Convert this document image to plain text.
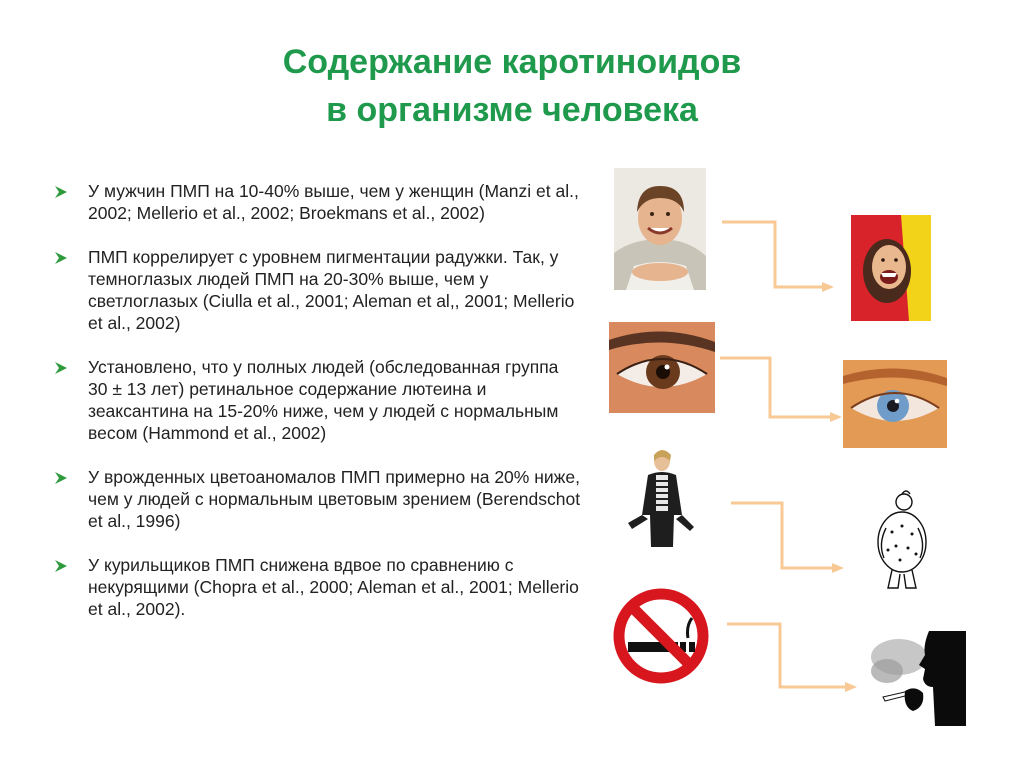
Содержание каротиноидов
в организме человека
У мужчин ПМП на 10-40% выше, чем у женщин (Manzi et al., 2002; Mellerio et al., 2002; Broekmans et al., 2002)
ПМП коррелирует с уровнем пигментации радужки. Так, у темноглазых людей ПМП на 20-30% выше, чем у светлоглазых (Ciulla et al., 2001; Aleman et al,, 2001; Mellerio et al., 2002)
Установлено, что у полных людей (обследованная группа 30 ± 13 лет) ретинальное содержание лютеина и зеаксантина на 15-20% ниже, чем у людей с нормальным весом (Hammond et al., 2002)
У врожденных цветоаномалов ПМП примерно на 20% ниже, чем у людей с нормальным цветовым зрением (Berendschot et al., 1996)
У курильщиков ПМП снижена вдвое по сравнению с некурящими (Chopra et al., 2000; Aleman et al., 2001; Mellerio et al., 2002).
